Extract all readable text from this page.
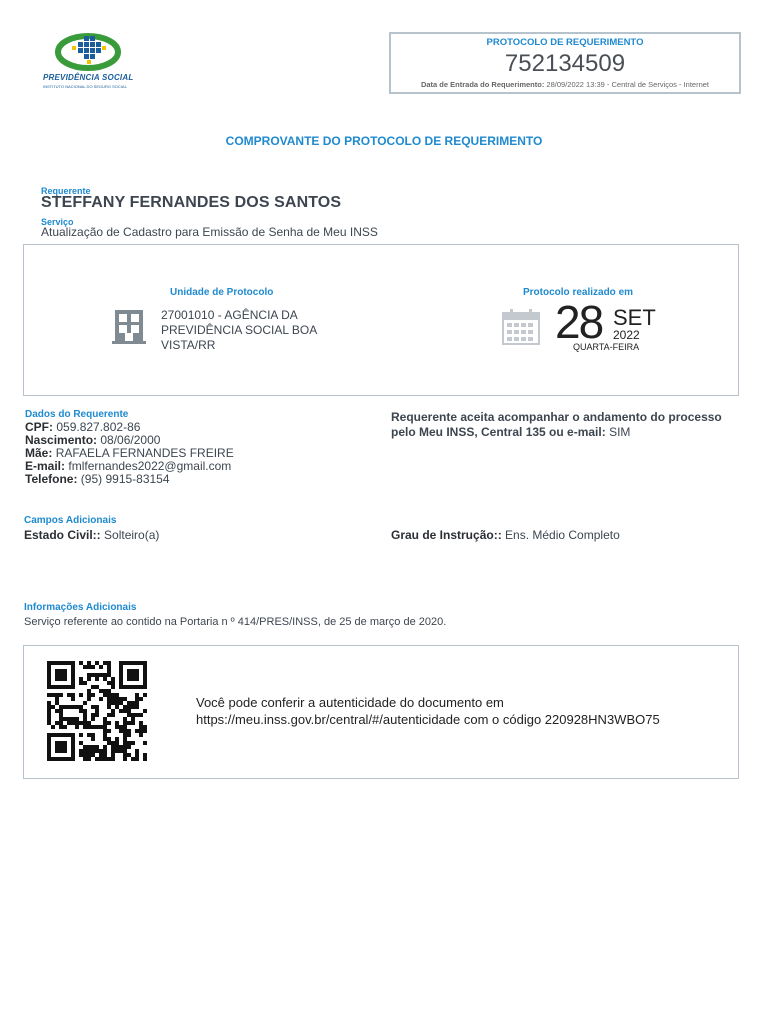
PREVIDÊNCIA SOCIAL
INSTITUTO NACIONAL DO SEGURO SOCIAL
PROTOCOLO DE REQUERIMENTO
752134509
Data de Entrada do Requerimento: 28/09/2022 13:39 - Central de Serviços - Internet
COMPROVANTE DO PROTOCOLO DE REQUERIMENTO
Requerente
STEFFANY FERNANDES DOS SANTOS
Serviço
Atualização de Cadastro para Emissão de Senha de Meu INSS
Unidade de Protocolo
27001010 - AGÊNCIA DA PREVIDÊNCIA SOCIAL BOA VISTA/RR
Protocolo realizado em
28 SET
2022
QUARTA-FEIRA
Dados do Requerente
CPF: 059.827.802-86
Nascimento: 08/06/2000
Mãe: RAFAELA FERNANDES FREIRE
E-mail: fmlfernandes2022@gmail.com
Telefone: (95) 9915-83154
Requerente aceita acompanhar o andamento do processo pelo Meu INSS, Central 135 ou e-mail: SIM
Campos Adicionais
Estado Civil:: Solteiro(a)	Grau de Instrução:: Ens. Médio Completo
Informações Adicionais
Serviço referente ao contido na Portaria n º 414/PRES/INSS, de 25 de março de 2020.
Você pode conferir a autenticidade do documento em https://meu.inss.gov.br/central/#/autenticidade com o código 220928HN3WBO75
